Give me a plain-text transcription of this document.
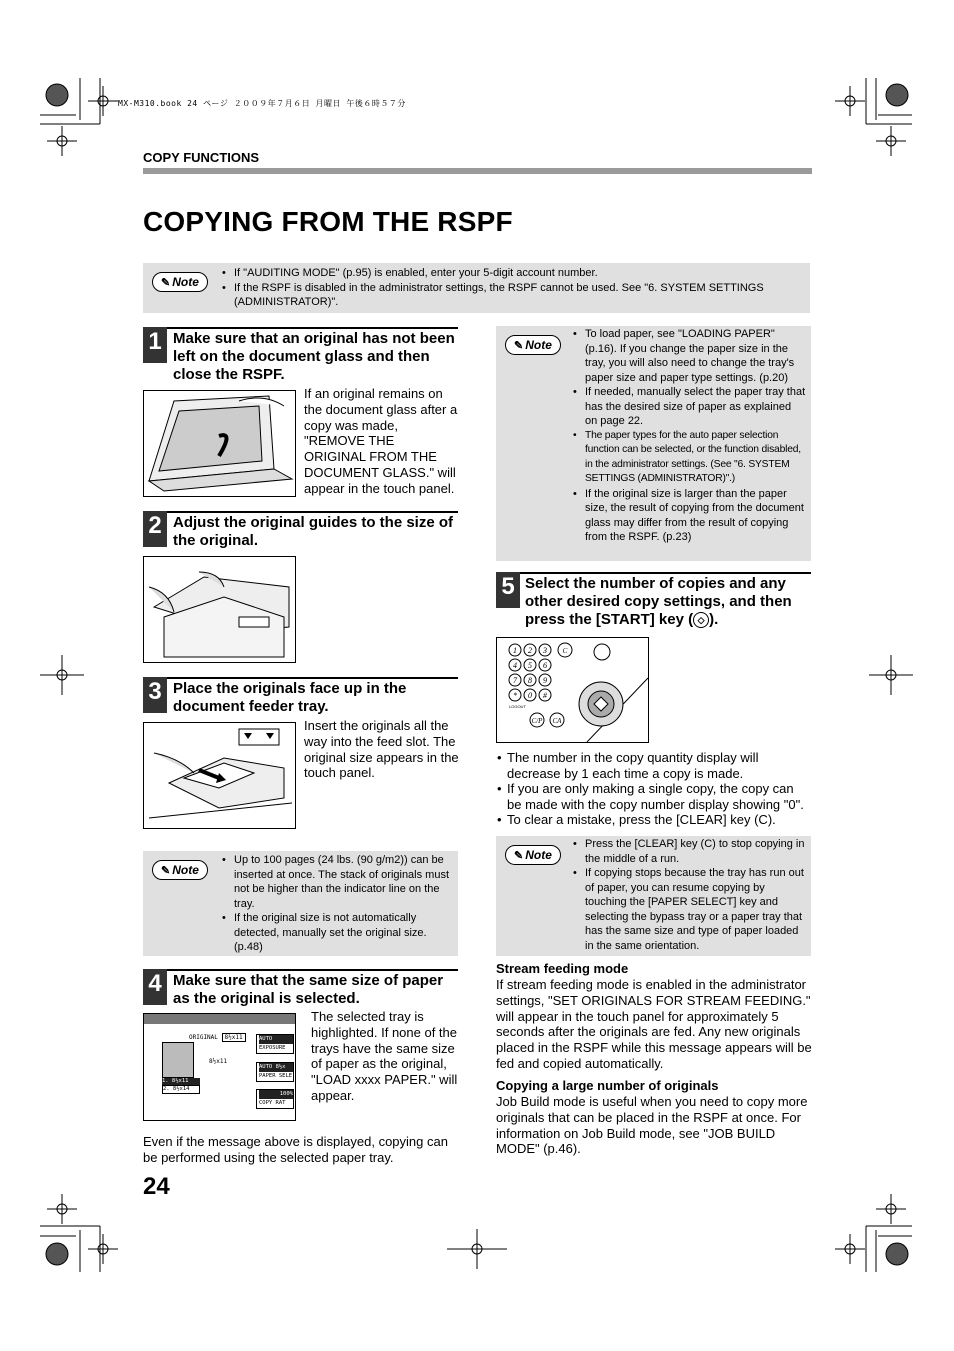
MX-M310.book 24 ページ ２００９年７月６日 月曜日 午後６時５７分
COPY FUNCTIONS
COPYING FROM THE RSPF
✎ Note
• If "AUDITING MODE" (p.95) is enabled, enter your 5-digit account number.
• If the RSPF is disabled in the administrator settings, the RSPF cannot be used. See "6. SYSTEM SETTINGS (ADMINISTRATOR)".
1 Make sure that an original has not been left on the document glass and then close the RSPF.
If an original remains on the document glass after a copy was made, "REMOVE THE ORIGINAL FROM THE DOCUMENT GLASS." will appear in the touch panel.
2 Adjust the original guides to the size of the original.
3 Place the originals face up in the document feeder tray.
Insert the originals all the way into the feed slot. The original size appears in the touch panel.
✎ Note
• Up to 100 pages (24 lbs. (90 g/m2)) can be inserted at once. The stack of originals must not be higher than the indicator line on the tray.
• If the original size is not automatically detected, manually set the original size. (p.48)
4 Make sure that the same size of paper as the original is selected.
ORIGINAL 8½x11
8½x11
AUTO
EXPOSURE
AUTO 8½x
PAPER SELE
100%
COPY RAT
1. 8½x11
2. 8½x14
The selected tray is highlighted. If none of the trays have the same size of paper as the original, "LOAD xxxx PAPER." will appear.
Even if the message above is displayed, copying can be performed using the selected paper tray.
✎ Note
• To load paper, see "LOADING PAPER" (p.16). If you change the paper size in the tray, you will also need to change the tray's paper size and paper type settings. (p.20)
• If needed, manually select the paper tray that has the desired size of paper as explained on page 22.
• The paper types for the auto paper selection function can be selected, or the function disabled, in the administrator settings. (See "6. SYSTEM SETTINGS (ADMINISTRATOR)".)
• If the original size is larger than the paper size, the result of copying from the document glass may differ from the result of copying from the RSPF. (p.23)
5 Select the number of copies and any other desired copy settings, and then press the [START] key ( ◇ ).
1 2 3
4 5 6
7 8 9
* 0 #
C
C/P CA
LOGOUT
• The number in the copy quantity display will decrease by 1 each time a copy is made.
• If you are only making a single copy, the copy can be made with the copy number display showing "0".
• To clear a mistake, press the [CLEAR] key (C).
✎ Note
• Press the [CLEAR] key (C) to stop copying in the middle of a run.
• If copying stops because the tray has run out of paper, you can resume copying by touching the [PAPER SELECT] key and selecting the bypass tray or a paper tray that has the same size and type of paper loaded in the same orientation.
Stream feeding mode
If stream feeding mode is enabled in the administrator settings, "SET ORIGINALS FOR STREAM FEEDING." will appear in the touch panel for approximately 5 seconds after the originals are fed. Any new originals placed in the RSPF while this message appears will be fed and copied automatically.
Copying a large number of originals
Job Build mode is useful when you need to copy more originals that can be placed in the RSPF at once. For information on Job Build mode, see "JOB BUILD MODE" (p.46).
24
